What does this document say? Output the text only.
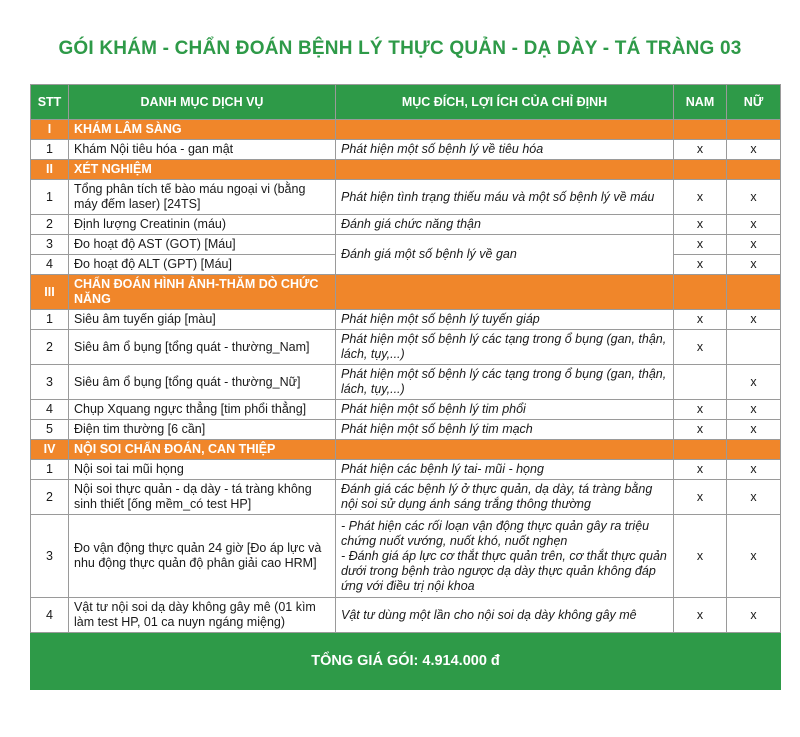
GÓI KHÁM - CHẨN ĐOÁN BỆNH LÝ THỰC QUẢN - DẠ DÀY - TÁ TRÀNG 03
STT	DANH MỤC DỊCH VỤ	MỤC ĐÍCH, LỢI ÍCH CỦA CHỈ ĐỊNH	NAM	NỮ
I	KHÁM LÂM SÀNG			
1	Khám Nội tiêu hóa - gan mật	Phát hiện một số bệnh lý về tiêu hóa	x	x
II	XÉT NGHIỆM			
1	Tổng phân tích tế bào máu ngoại vi (bằng máy đếm laser) [24TS]	Phát hiện tình trạng thiếu máu và một số bệnh lý về máu	x	x
2	Định lượng Creatinin (máu)	Đánh giá chức năng thận	x	x
3	Đo hoạt độ AST (GOT) [Máu]	Đánh giá một số bệnh lý về gan	x	x
4	Đo hoạt độ ALT (GPT) [Máu]		x	x
III	CHẨN ĐOÁN HÌNH ẢNH-THĂM DÒ CHỨC NĂNG			
1	Siêu âm tuyến giáp [màu]	Phát hiện một số bệnh lý tuyến giáp	x	x
2	Siêu âm ổ bụng [tổng quát - thường_Nam]	Phát hiện một số bệnh lý các tạng trong ổ bụng (gan, thận, lách, tụy,...)	x	
3	Siêu âm ổ bụng [tổng quát - thường_Nữ]	Phát hiện một số bệnh lý các tạng trong ổ bụng (gan, thận, lách, tụy,...)		x
4	Chụp Xquang ngực thẳng [tim phổi thẳng]	Phát hiện một số bệnh lý tim phổi	x	x
5	Điện tim thường [6 cần]	Phát hiện một số bệnh lý tim mạch	x	x
IV	NỘI SOI CHẨN ĐOÁN, CAN THIỆP			
1	Nội soi tai mũi họng	Phát hiện các bệnh lý tai- mũi - họng	x	x
2	Nội soi thực quản - dạ dày - tá tràng không sinh thiết [ống mềm_có test HP]	Đánh giá các bệnh lý ở thực quản, dạ dày, tá tràng bằng nội soi sử dụng ánh sáng trắng thông thường	x	x
3	Đo vận động thực quản 24 giờ [Đo áp lực và nhu động thực quản độ phân giải cao HRM]	- Phát hiện các rối loạn vận động thực quản gây ra triệu chứng nuốt vướng, nuốt khó, nuốt nghẹn
- Đánh giá áp lực cơ thắt thực quản trên, cơ thắt thực quản dưới trong bệnh trào ngược dạ dày thực quản không đáp ứng với điều trị nội khoa	x	x
4	Vật tư nội soi dạ dày không gây mê (01 kìm làm test HP, 01 ca nuyn ngáng miệng)	Vật tư dùng một lần cho nội soi dạ dày không gây mê	x	x
TỔNG GIÁ GÓI: 4.914.000 đ				
